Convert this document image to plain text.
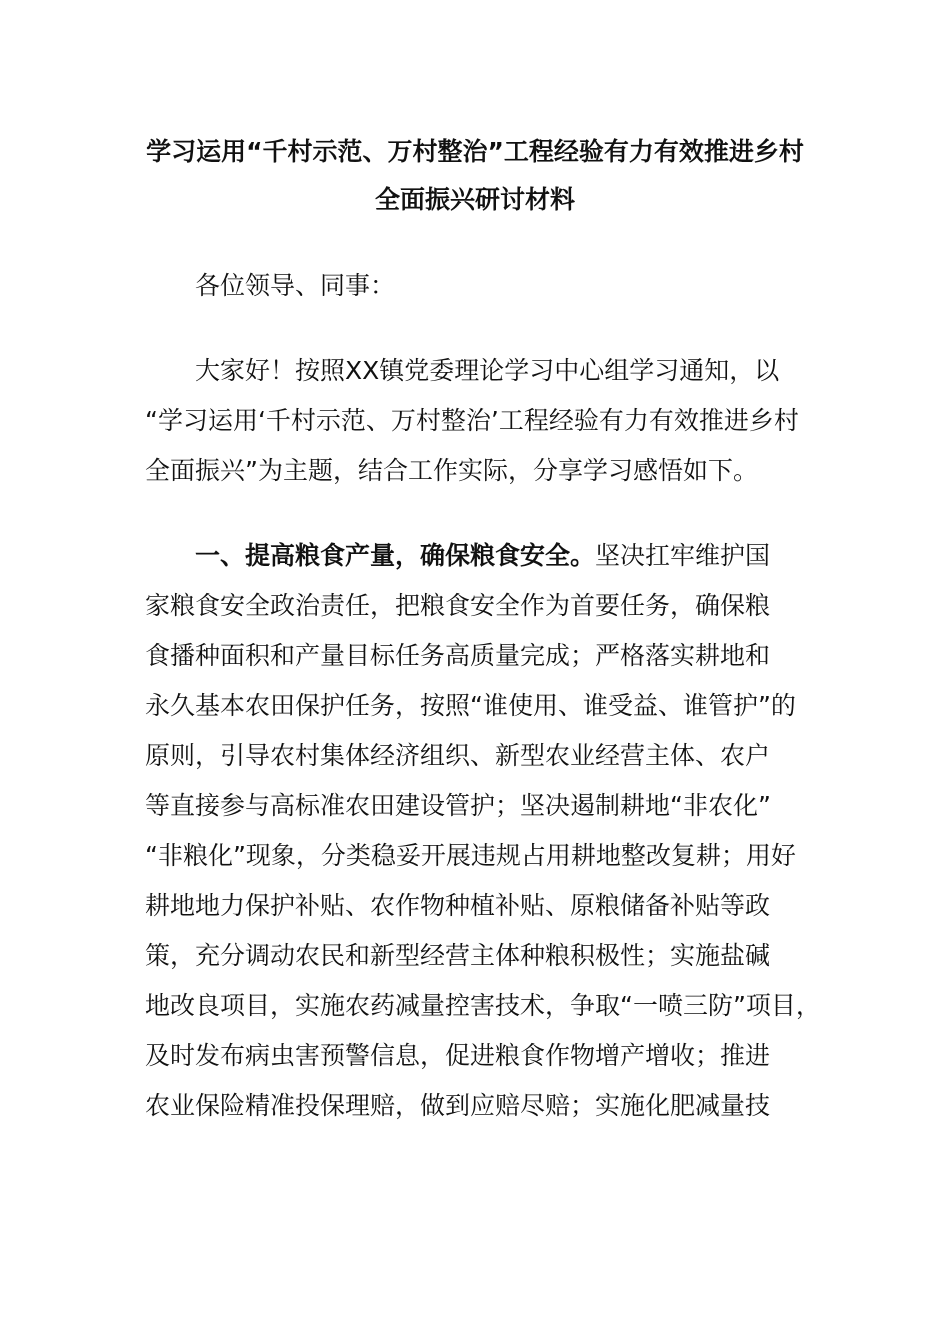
学习运用“千村示范、万村整治”工程经验有力有效推进乡村
全面振兴研讨材料
各位领导、同事：
大家好！按照XX镇党委理论学习中心组学习通知，以
“学习运用‘千村示范、万村整治’工程经验有力有效推进乡村
全面振兴”为主题，结合工作实际，分享学习感悟如下。
一、提高粮食产量，确保粮食安全。坚决扛牢维护国
家粮食安全政治责任，把粮食安全作为首要任务，确保粮
食播种面积和产量目标任务高质量完成；严格落实耕地和
永久基本农田保护任务，按照“谁使用、谁受益、谁管护”的
原则，引导农村集体经济组织、新型农业经营主体、农户
等直接参与高标准农田建设管护；坚决遏制耕地“非农化”
“非粮化”现象，分类稳妥开展违规占用耕地整改复耕；用好
耕地地力保护补贴、农作物种植补贴、原粮储备补贴等政
策，充分调动农民和新型经营主体种粮积极性；实施盐碱
地改良项目，实施农药减量控害技术，争取“一喷三防”项目，
及时发布病虫害预警信息，促进粮食作物增产增收；推进
农业保险精准投保理赔，做到应赔尽赔；实施化肥减量技
